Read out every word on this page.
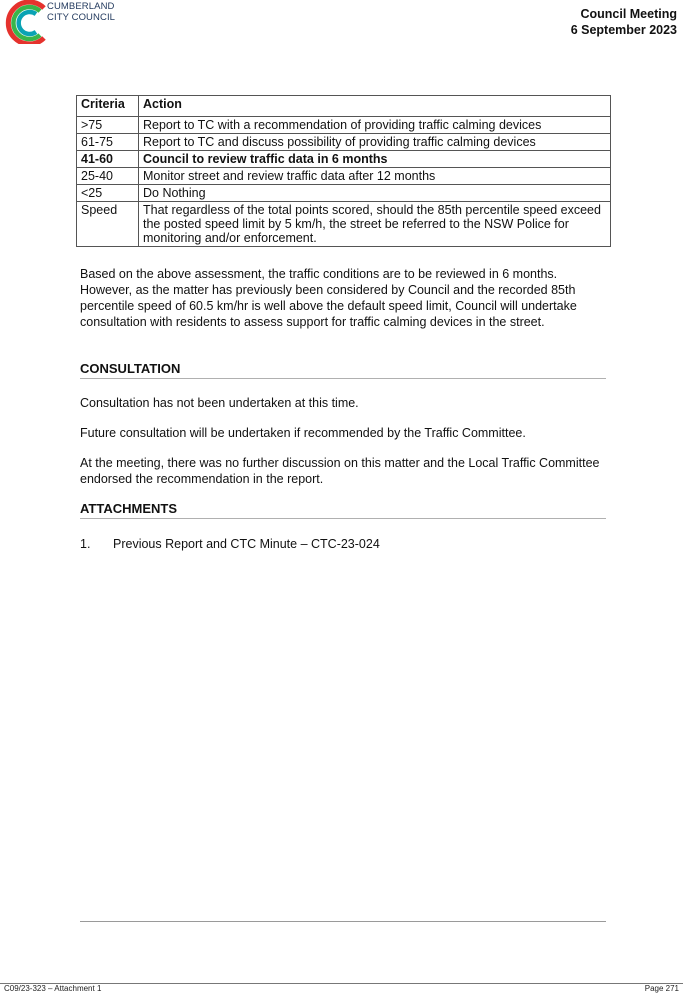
CUMBERLAND
CITY COUNCIL	Council Meeting
6 September 2023
Criteria	Action
>75	Report to TC with a recommendation of providing traffic calming devices
61-75	Report to TC and discuss possibility of providing traffic calming devices
41-60	Council to review traffic data in 6 months
25-40	Monitor street and review traffic data after 12 months
<25	Do Nothing
Speed	That regardless of the total points scored, should the 85th percentile speed exceed the posted speed limit by 5 km/h, the street be referred to the NSW Police for monitoring and/or enforcement.

Based on the above assessment, the traffic conditions are to be reviewed in 6 months. However, as the matter has previously been considered by Council and the recorded 85th percentile speed of 60.5 km/hr is well above the default speed limit, Council will undertake consultation with residents to assess support for traffic calming devices in the street.

CONSULTATION

Consultation has not been undertaken at this time.

Future consultation will be undertaken if recommended by the Traffic Committee.

At the meeting, there was no further discussion on this matter and the Local Traffic Committee endorsed the recommendation in the report.

ATTACHMENTS
1. Previous Report and CTC Minute – CTC-23-024
C09/23-323 – Attachment 1	Page 271
